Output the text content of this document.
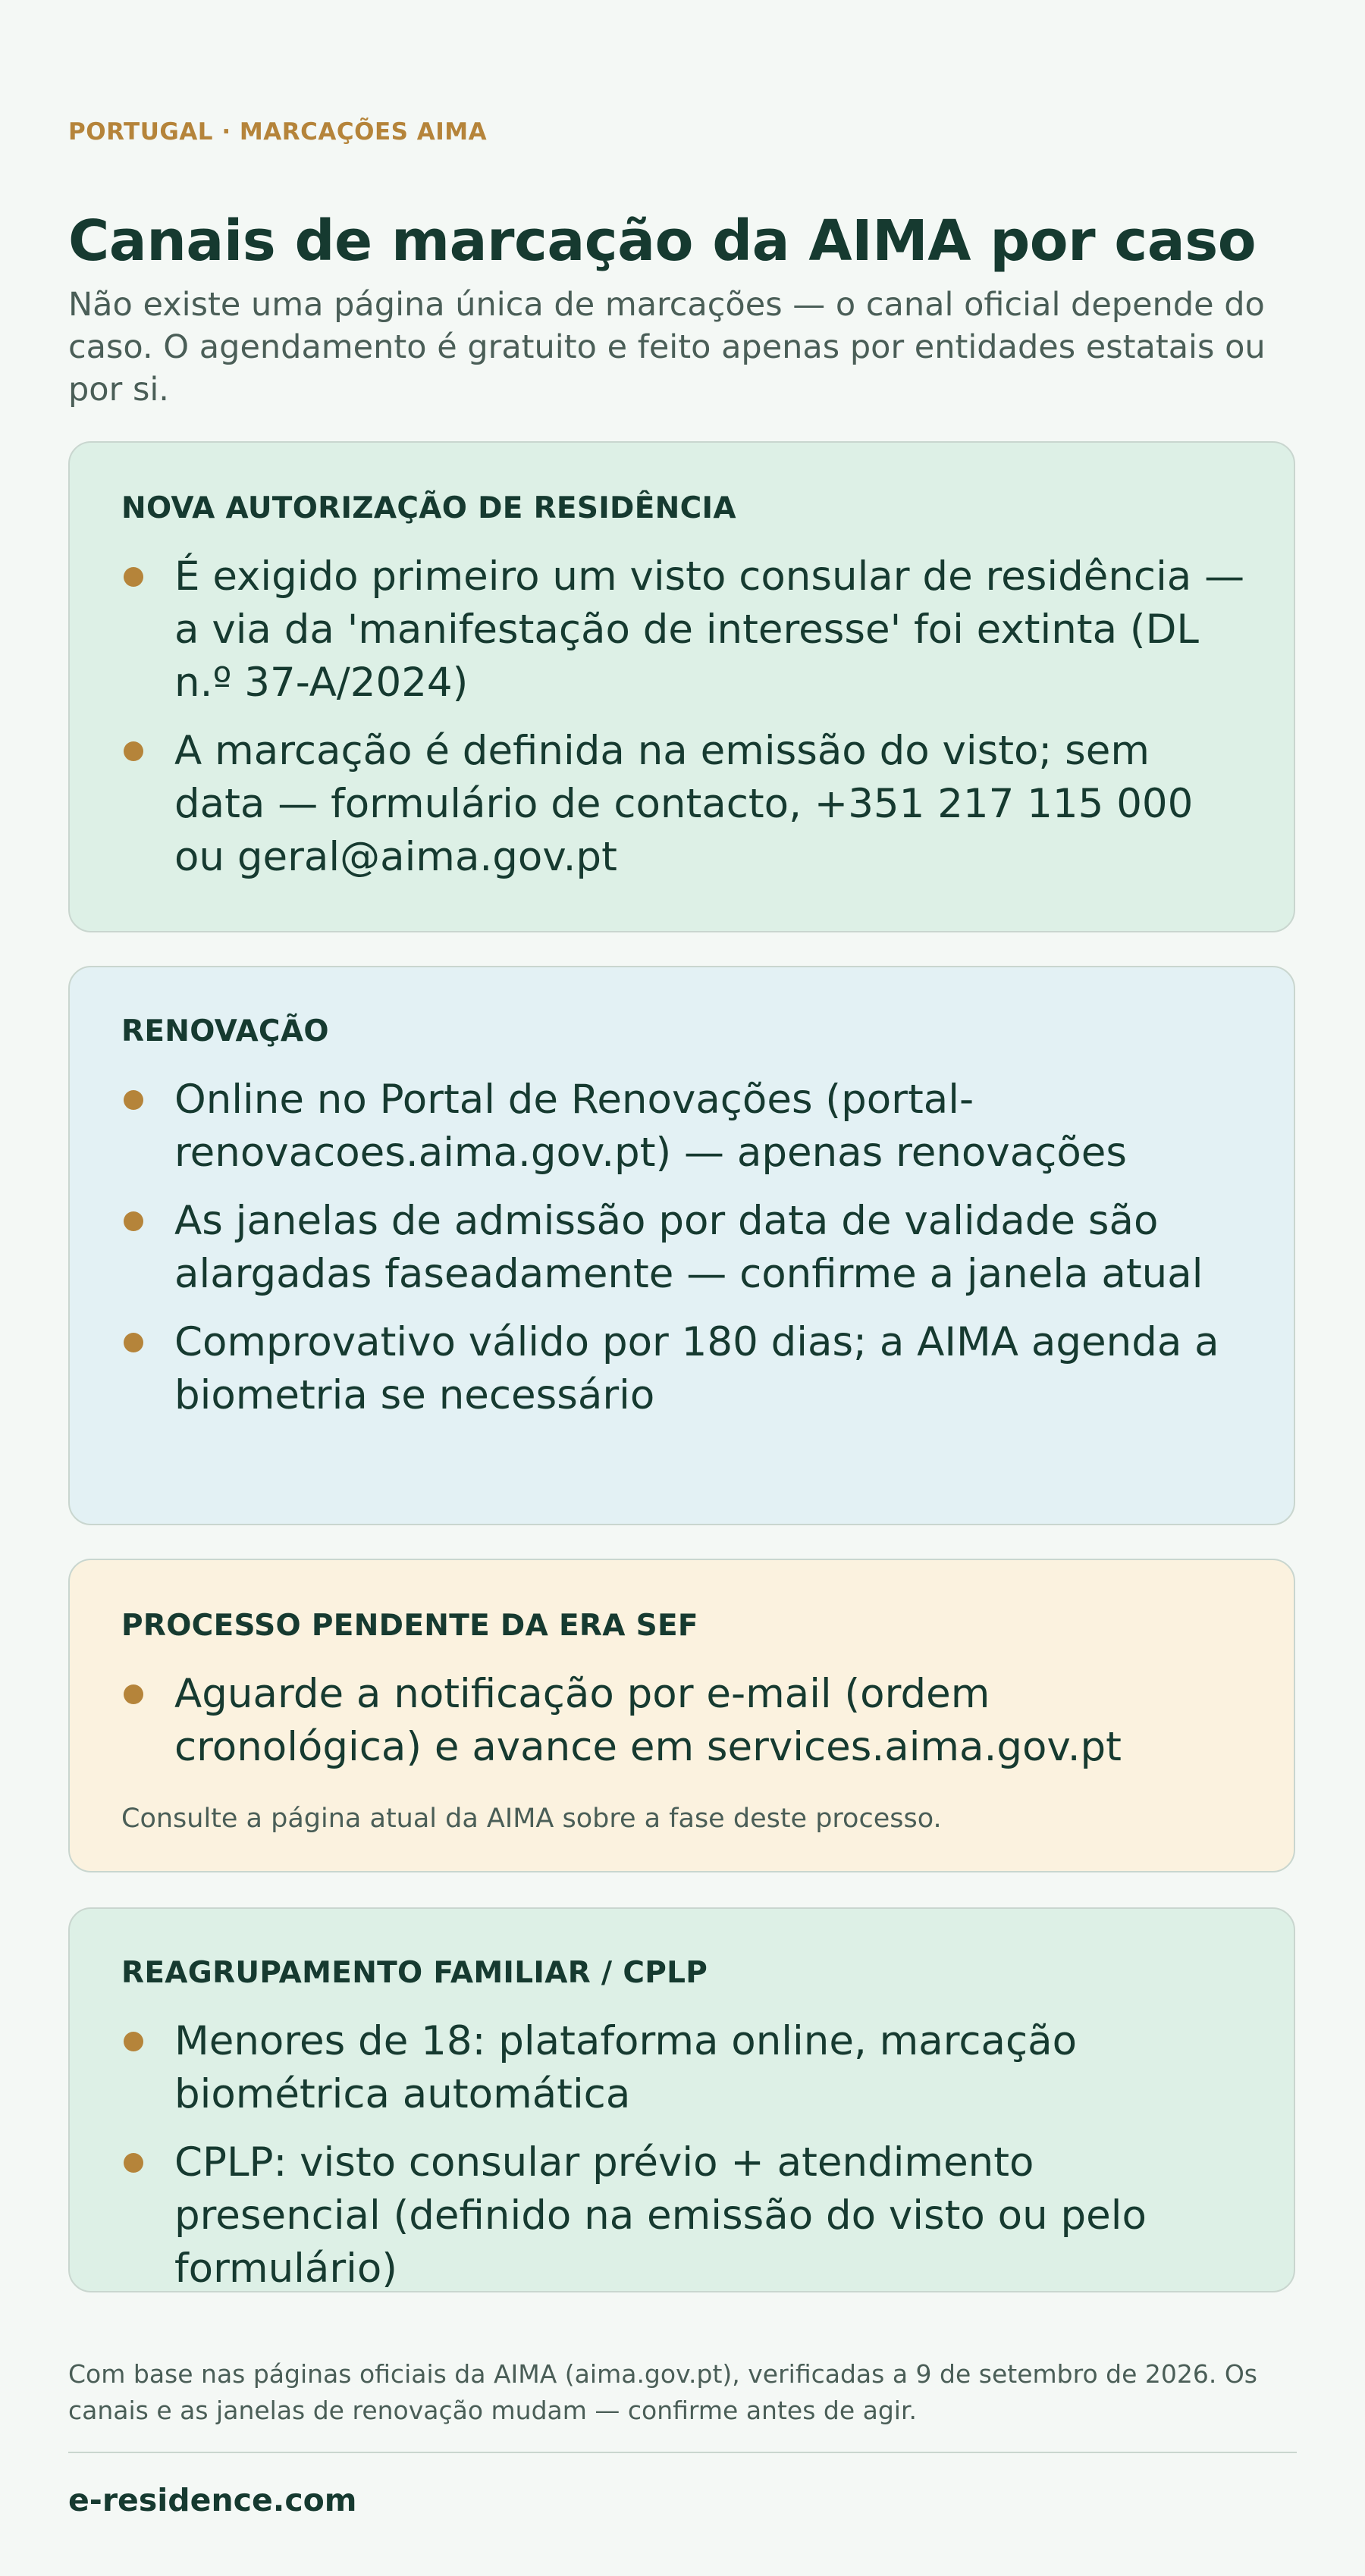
PORTUGAL · MARCAÇÕES AIMA

Canais de marcação da AIMA por caso

Não existe uma página única de marcações — o canal oficial depende do caso. O agendamento é gratuito e feito apenas por entidades estatais ou por si.

NOVA AUTORIZAÇÃO DE RESIDÊNCIA
É exigido primeiro um visto consular de residência — a via da 'manifestação de interesse' foi extinta (DL n.º 37-A/2024)
A marcação é definida na emissão do visto; sem data — formulário de contacto, +351 217 115 000 ou geral@aima.gov.pt
RENOVAÇÃO
Online no Portal de Renovações (portal-renovacoes.aima.gov.pt) — apenas renovações
As janelas de admissão por data de validade são alargadas faseadamente — confirme a janela atual
Comprovativo válido por 180 dias; a AIMA agenda a biometria se necessário
PROCESSO PENDENTE DA ERA SEF
Aguarde a notificação por e-mail (ordem cronológica) e avance em services.aima.gov.pt
Consulte a página atual da AIMA sobre a fase deste processo.
REAGRUPAMENTO FAMILIAR / CPLP
Menores de 18: plataforma online, marcação biométrica automática
CPLP: visto consular prévio + atendimento presencial (definido na emissão do visto ou pelo formulário)

Com base nas páginas oficiais da AIMA (aima.gov.pt), verificadas a 9 de setembro de 2026. Os canais e as janelas de renovação mudam — confirme antes de agir.

e-residence.com
